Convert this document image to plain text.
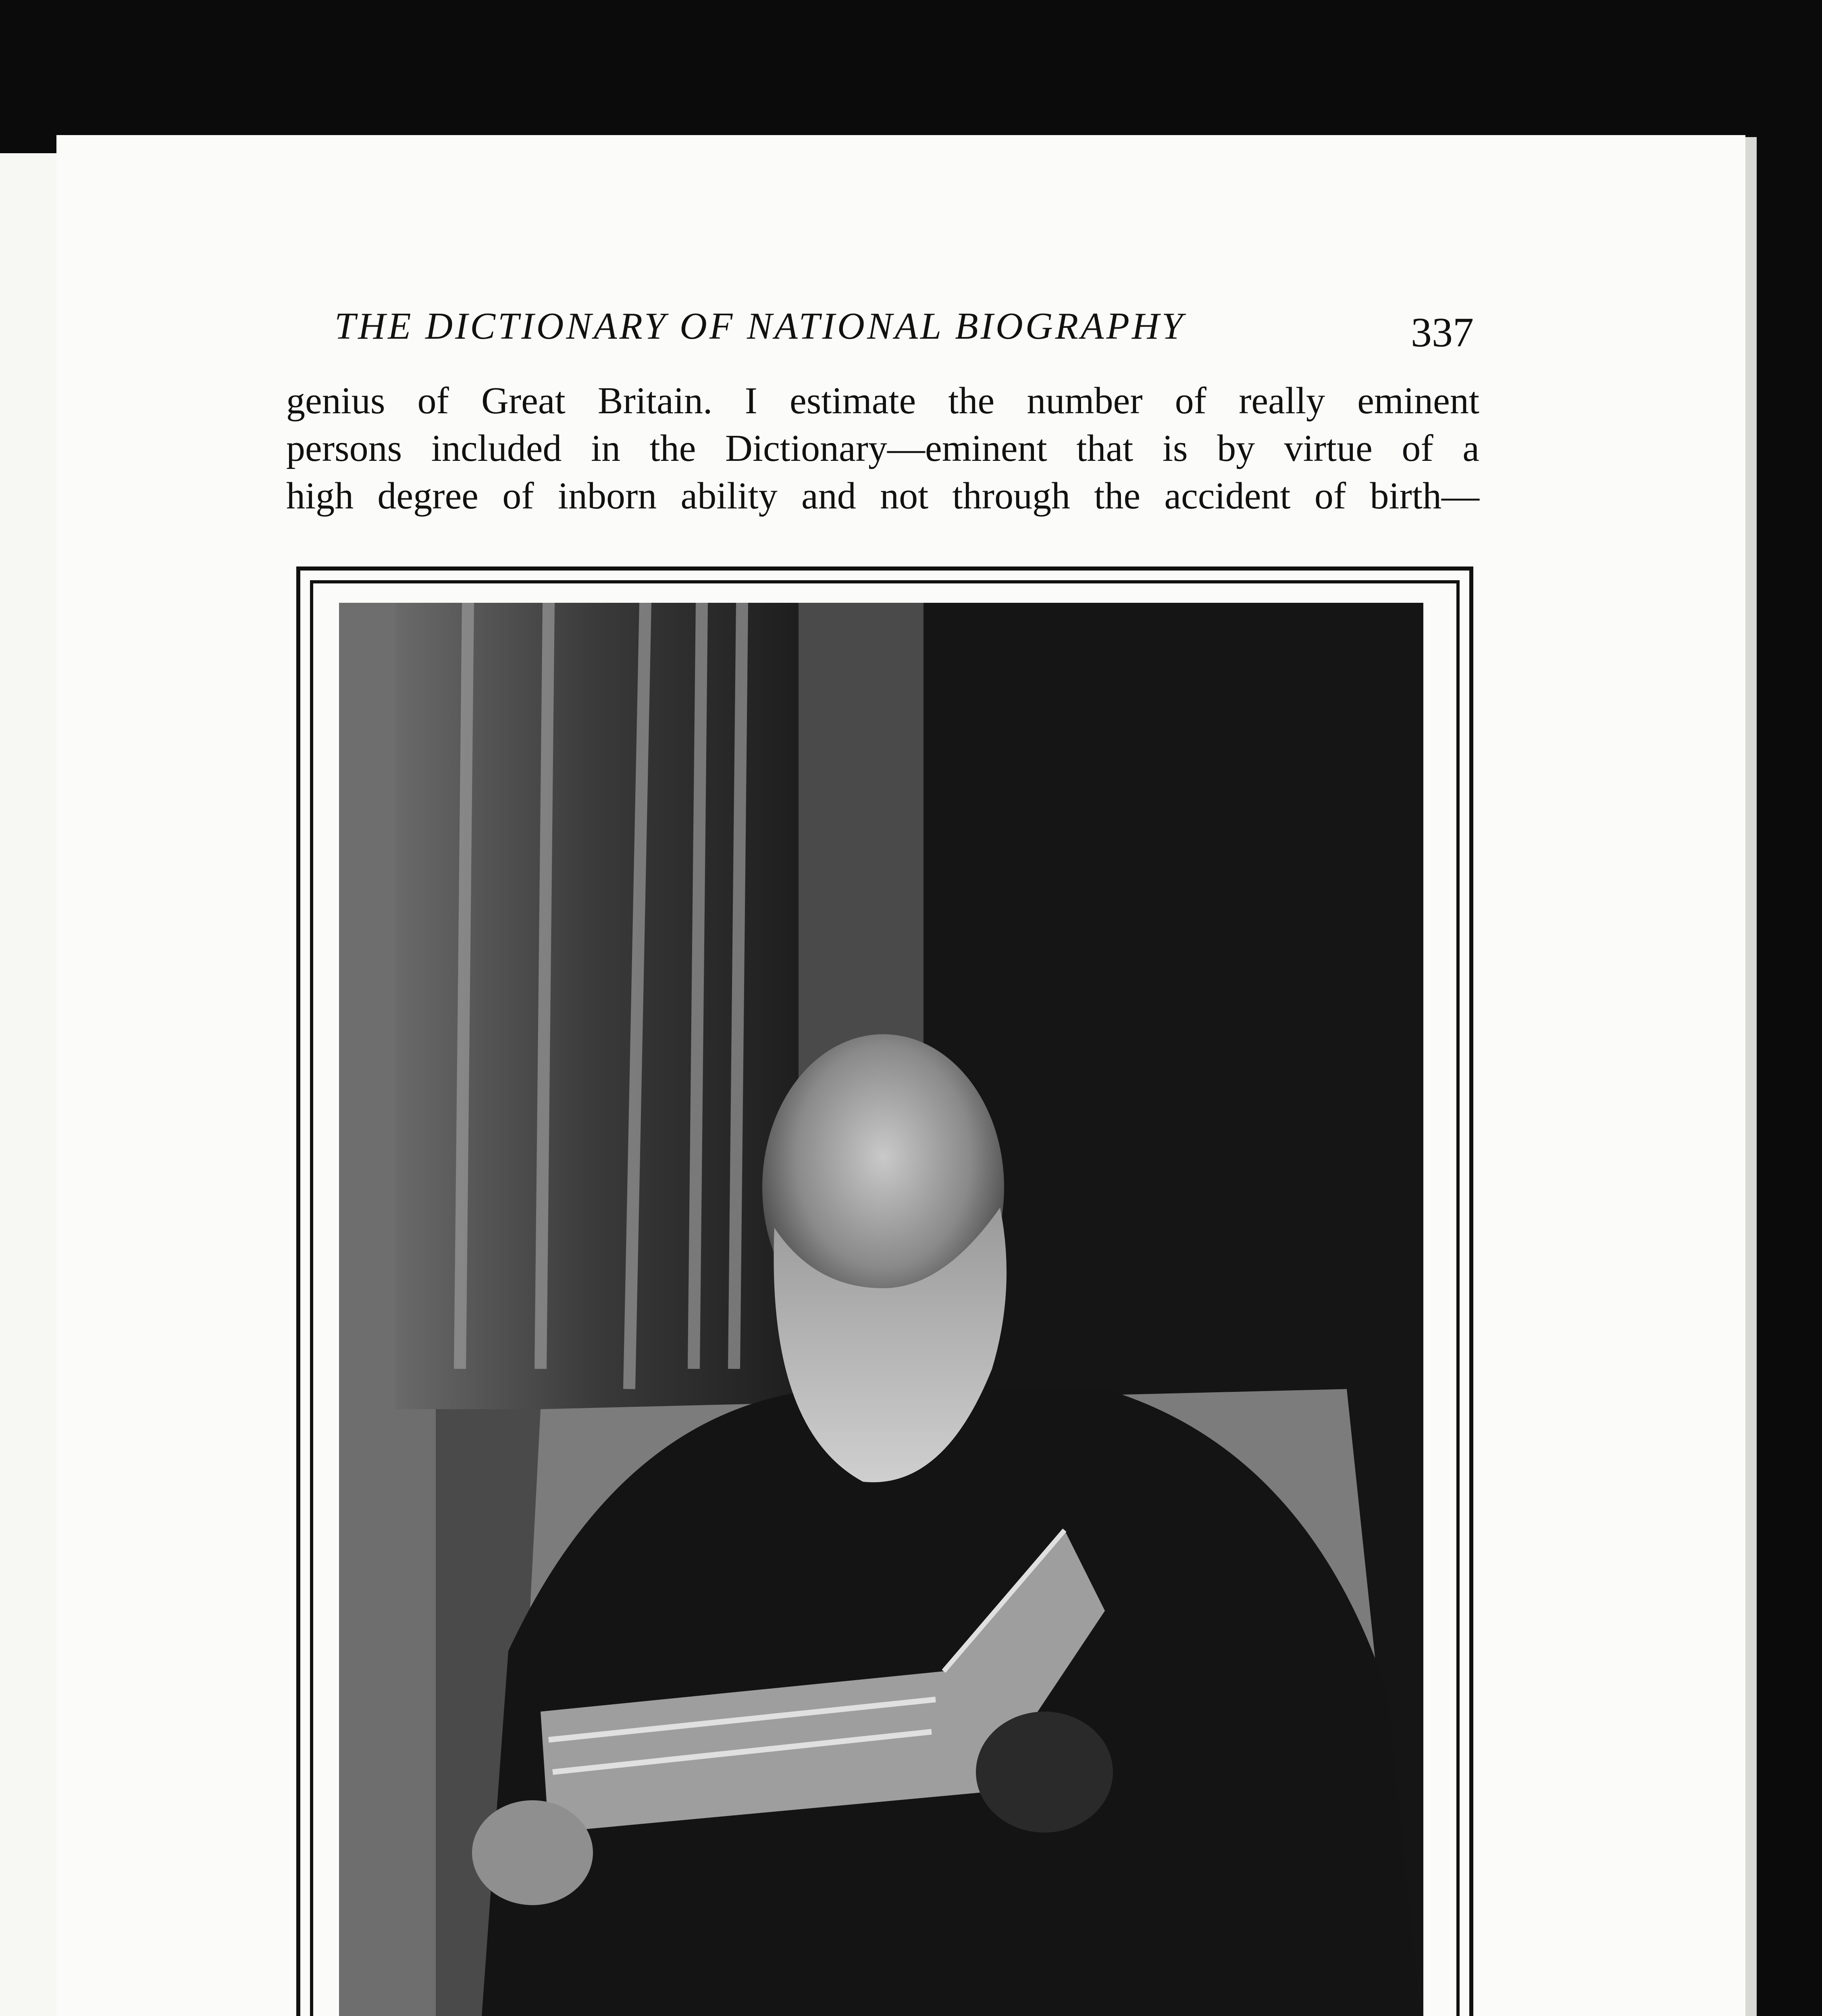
THE DICTIONARY OF NATIONAL BIOGRAPHY	337
genius of Great Britain. I estimate the number of really eminent
persons included in the Dictionary—eminent that is by virtue of a
high degree of inborn ability and not through the accident of birth—
